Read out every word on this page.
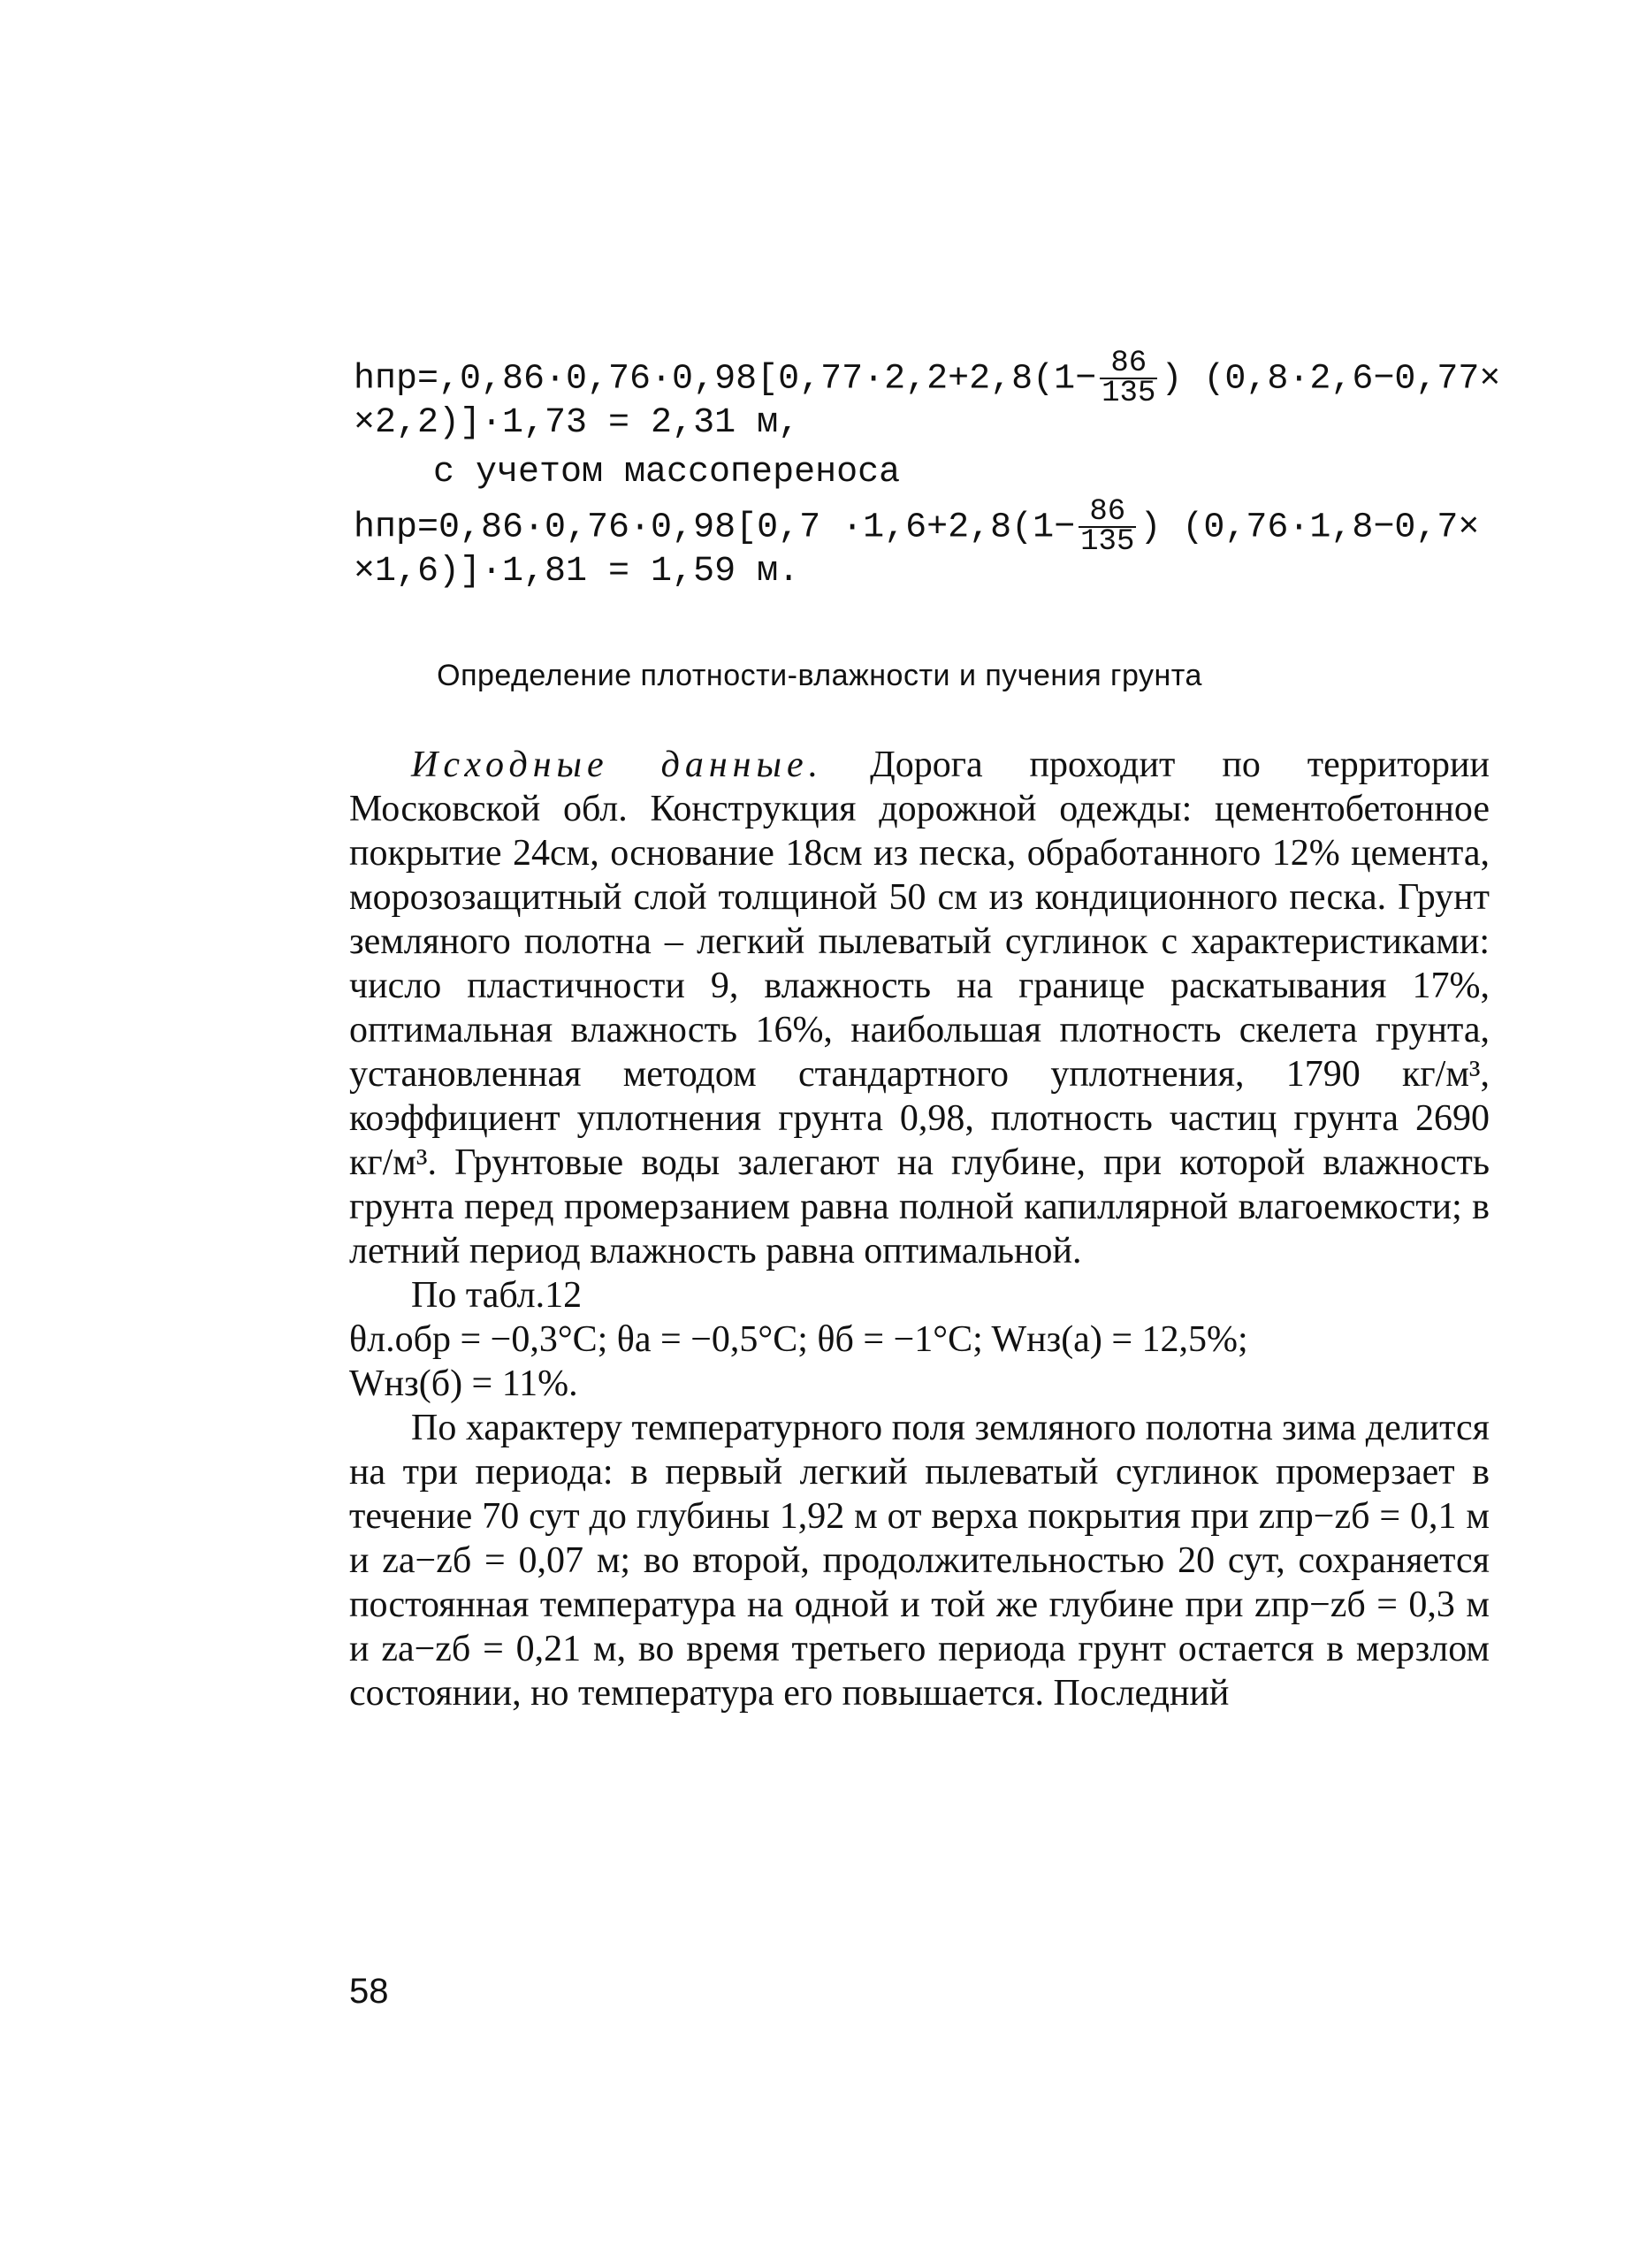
$hпр=,0,86\cdot 0,76\cdot 0,98[0,77\cdot 2,2+2,8(1- \frac{86}{135}$ ) (0,8·2,6−0,77×
×2,2)]·1,73 = 2,31 м,
с учетом массопереноса
$hпр=0,86\cdot 0,76\cdot 0,98[0,7 \cdot 1,6+2,8(1- \frac{86}{135}$ ) (0,76·1,8−0,7×
×1,6)]·1,81 = 1,59 м.
Определение плотности-влажности и пучения грунта

Исходные данные. Дорога проходит по территории Московской обл. Конструкция дорожной одежды: цементобетонное покрытие 24см, основание 18см из песка, обработанного 12% цемента, морозозащитный слой толщиной 50 см из кондиционного песка. Грунт земляного полотна – легкий пылеватый суглинок с характеристиками: число пластичности 9, влажность на границе раскатывания 17%, оптимальная влажность 16%, наибольшая плотность скелета грунта, установленная методом стандартного уплотнения, 1790 кг/м³, коэффициент уплотнения грунта 0,98, плотность частиц грунта 2690 кг/м³. Грунтовые воды залегают на глубине, при которой влажность грунта перед промерзанием равна полной капиллярной влагоемкости; в летний период влажность равна оптимальной.

По табл.12
θл.обр = −0,3°C; θа = −0,5°C; θб = −1°C; Wнз(а) = 12,5%;
Wнз(б) = 11%.

По характеру температурного поля земляного полотна зима делится на три периода: в первый легкий пылеватый суглинок промерзает в течение 70 сут до глубины 1,92 м от верха покрытия при zпр−zб = 0,1 м и zа−zб = 0,07 м; во второй, продолжительностью 20 сут, сохраняется постоянная температура на одной и той же глубине при zпр−zб = 0,3 м и zа−zб = 0,21 м, во время третьего периода грунт остается в мерзлом состоянии, но температура его повышается. Последний

58
